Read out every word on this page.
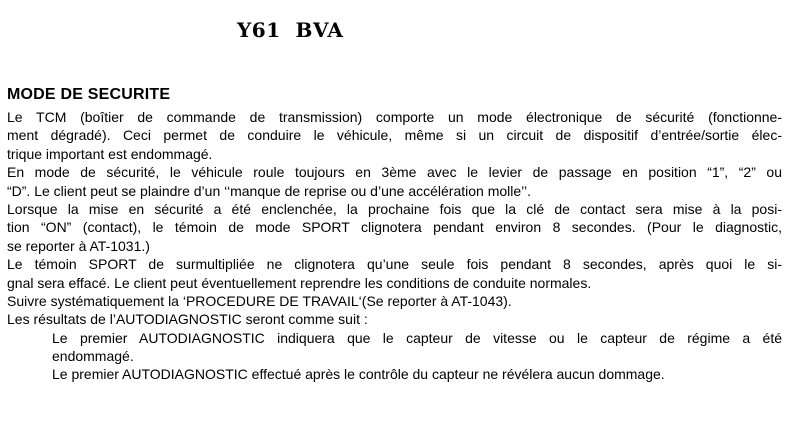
Y61  BVA
MODE DE SECURITE
Le TCM (boîtier de commande de transmission) comporte un mode électronique de sécurité (fonctionne-
ment dégradé). Ceci permet de conduire le véhicule, même si un circuit de dispositif d’entrée/sortie élec-
trique important est endommagé.
En mode de sécurité, le véhicule roule toujours en 3ème avec le levier de passage en position “1”, “2” ou
“D”. Le client peut se plaindre d’un ‘‘manque de reprise ou d’une accélération molle’’.
Lorsque la mise en sécurité a été enclenchée, la prochaine fois que la clé de contact sera mise à la posi-
tion “ON” (contact), le témoin de mode SPORT clignotera pendant environ 8 secondes. (Pour le diagnostic,
se reporter à AT-1031.)
Le témoin SPORT de surmultipliée ne clignotera qu’une seule fois pendant 8 secondes, après quoi le si-
gnal sera effacé. Le client peut éventuellement reprendre les conditions de conduite normales.
Suivre systématiquement la ‘PROCEDURE DE TRAVAIL‘(Se reporter à AT-1043).
Les résultats de l’AUTODIAGNOSTIC seront comme suit :
Le premier AUTODIAGNOSTIC indiquera que le capteur de vitesse ou le capteur de régime a été
endommagé.
Le premier AUTODIAGNOSTIC effectué après le contrôle du capteur ne révélera aucun dommage.
